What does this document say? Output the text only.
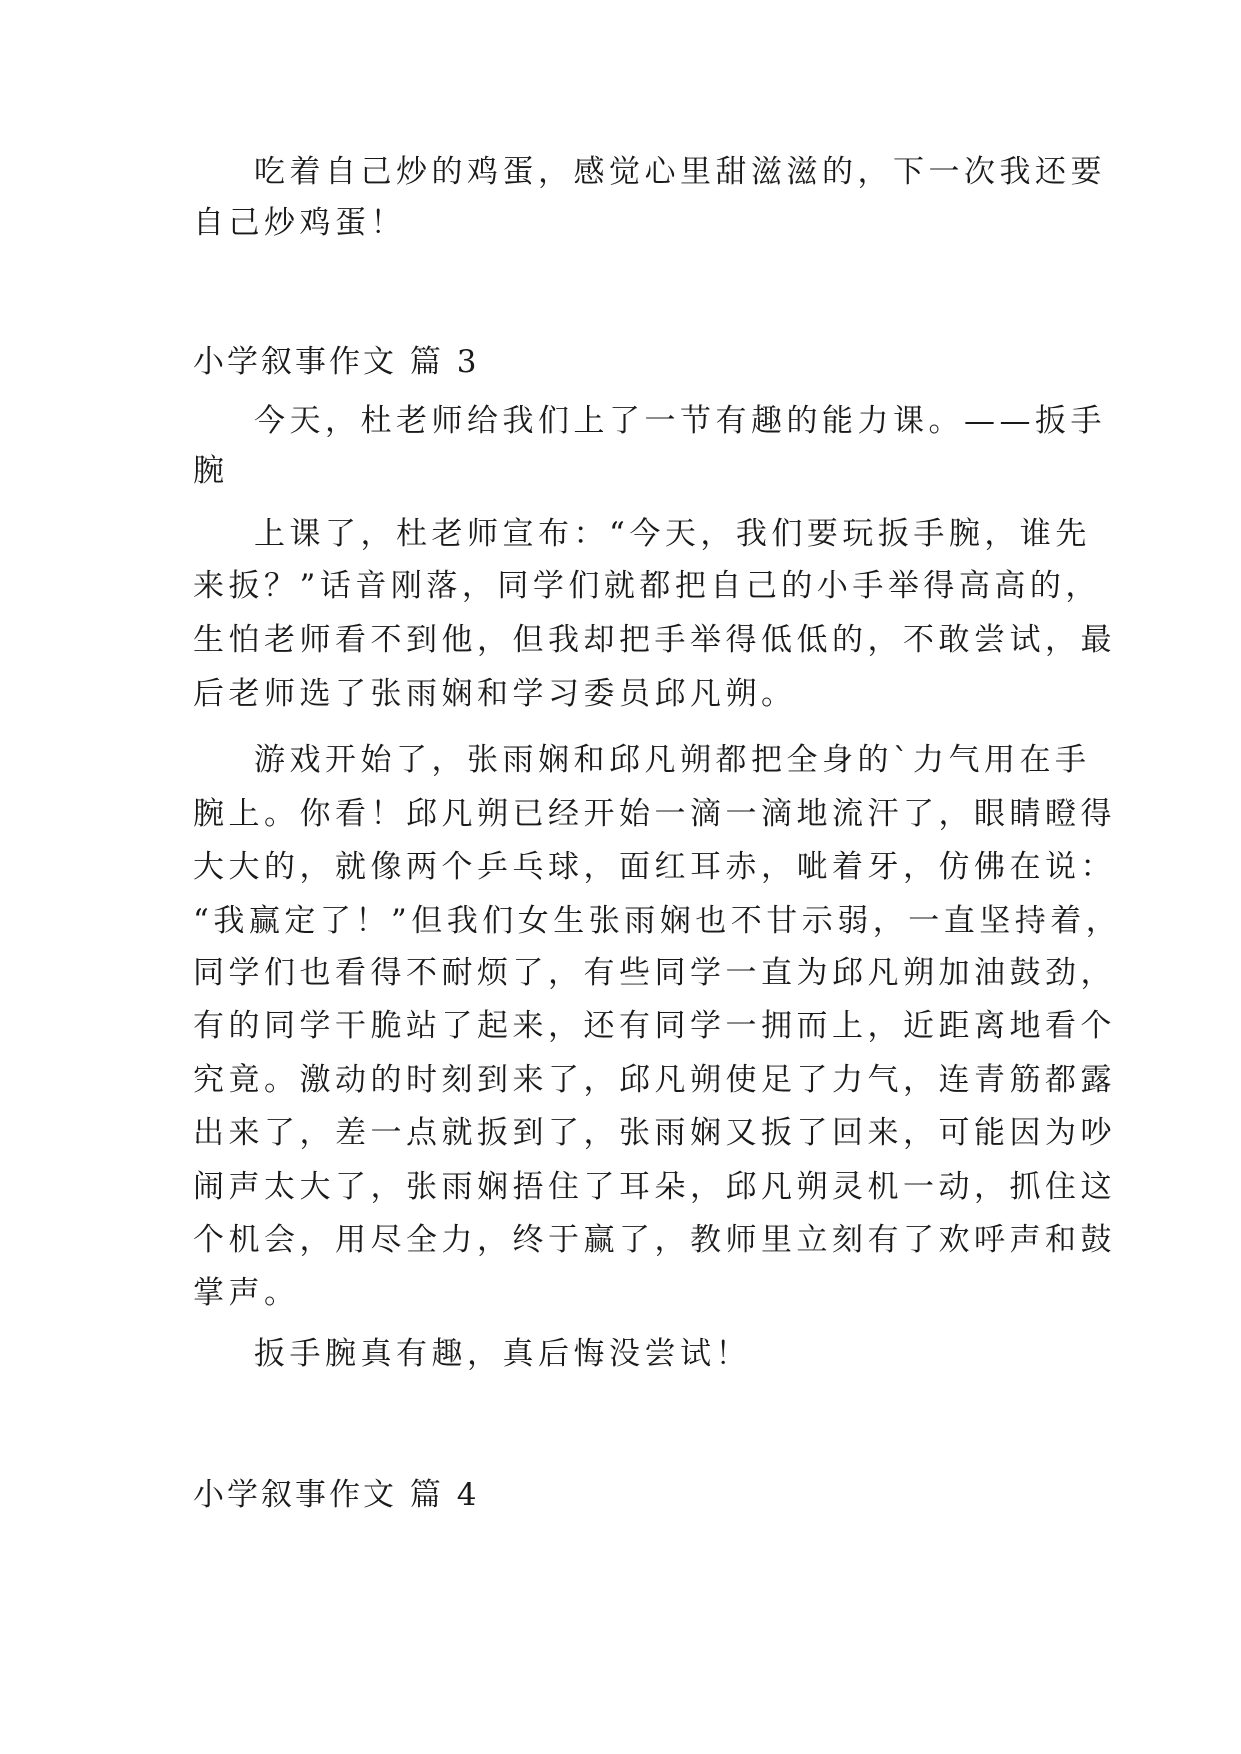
吃着自己炒的鸡蛋，感觉心里甜滋滋的，下一次我还要
自己炒鸡蛋！
小学叙事作文 篇 3
今天，杜老师给我们上了一节有趣的能力课。——扳手
腕
上课了，杜老师宣布：“今天，我们要玩扳手腕，谁先
来扳？”话音刚落，同学们就都把自己的小手举得高高的，
生怕老师看不到他，但我却把手举得低低的，不敢尝试，最
后老师选了张雨娴和学习委员邱凡朔。
游戏开始了，张雨娴和邱凡朔都把全身的`力气用在手
腕上。你看！邱凡朔已经开始一滴一滴地流汗了，眼睛瞪得
大大的，就像两个乒乓球，面红耳赤，呲着牙，仿佛在说：
“我赢定了！”但我们女生张雨娴也不甘示弱，一直坚持着，
同学们也看得不耐烦了，有些同学一直为邱凡朔加油鼓劲，
有的同学干脆站了起来，还有同学一拥而上，近距离地看个
究竟。激动的时刻到来了，邱凡朔使足了力气，连青筋都露
出来了，差一点就扳到了，张雨娴又扳了回来，可能因为吵
闹声太大了，张雨娴捂住了耳朵，邱凡朔灵机一动，抓住这
个机会，用尽全力，终于赢了，教师里立刻有了欢呼声和鼓
掌声。
扳手腕真有趣，真后悔没尝试！
小学叙事作文 篇 4
